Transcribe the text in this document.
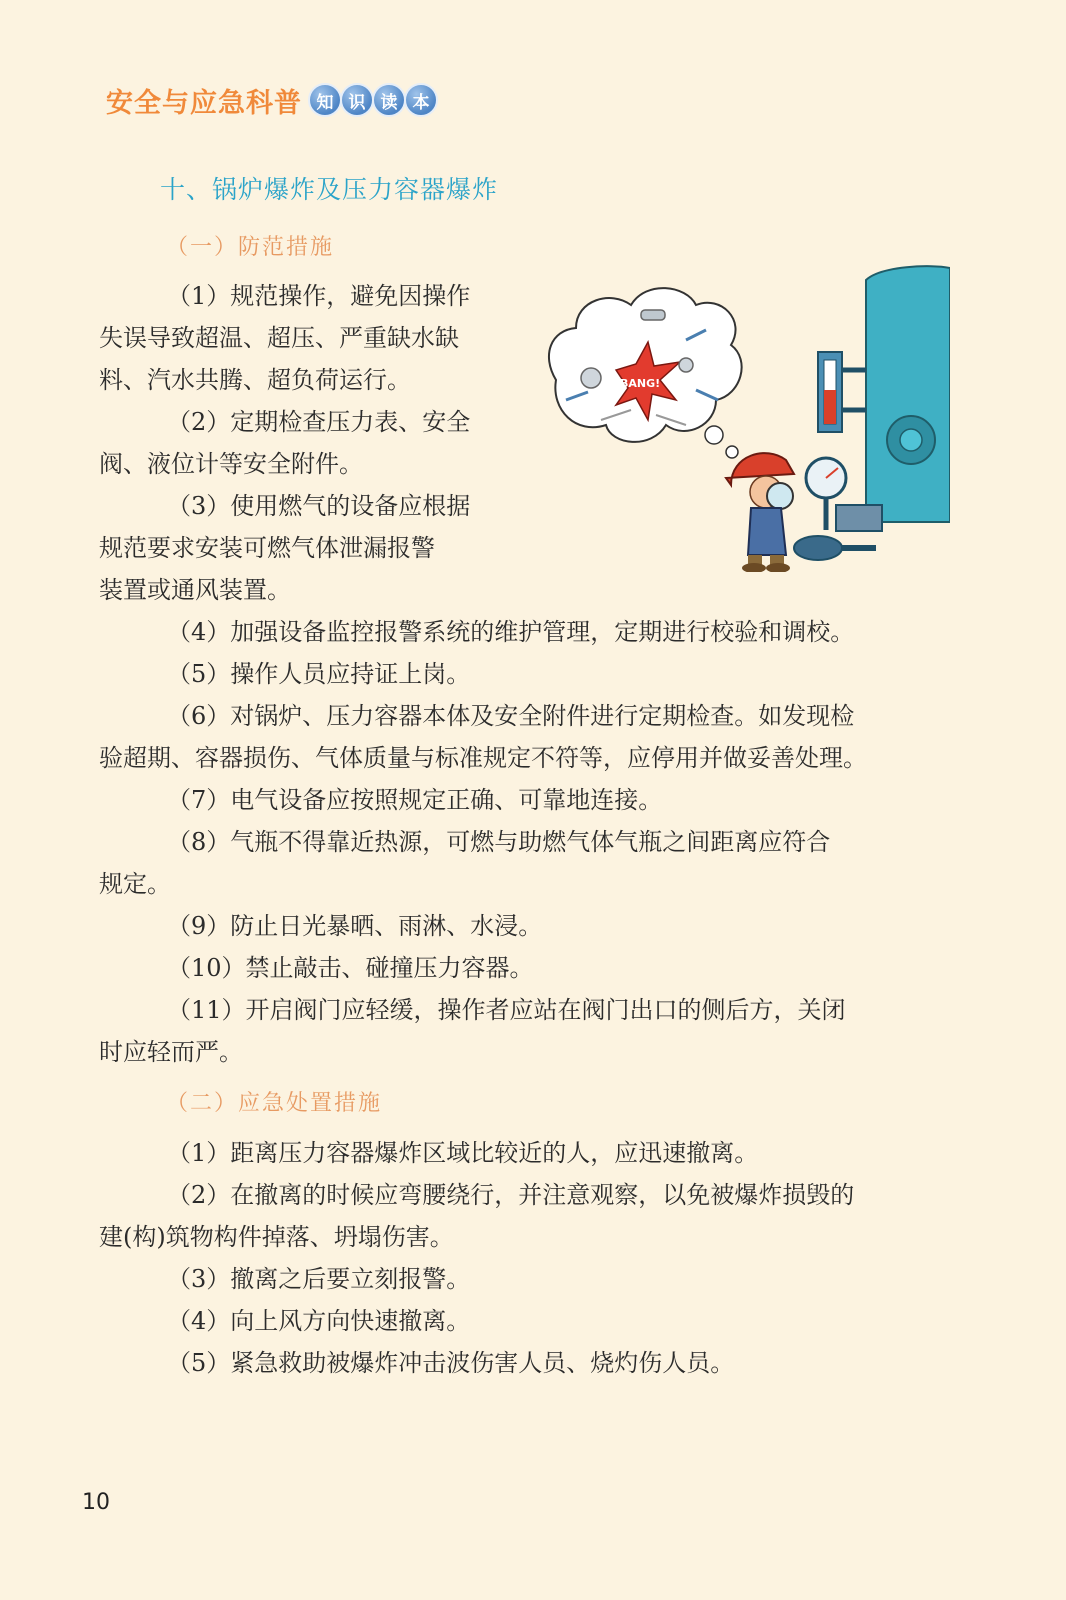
安全与应急科普 知 识 读 本
十、锅炉爆炸及压力容器爆炸
（一）防范措施
（1）规范操作，避免因操作
失误导致超温、超压、严重缺水缺
料、汽水共腾、超负荷运行。
（2）定期检查压力表、安全
阀、液位计等安全附件。
（3）使用燃气的设备应根据
规范要求安装可燃气体泄漏报警
装置或通风装置。
（4）加强设备监控报警系统的维护管理，定期进行校验和调校。
（5）操作人员应持证上岗。
（6）对锅炉、压力容器本体及安全附件进行定期检查。如发现检
验超期、容器损伤、气体质量与标准规定不符等，应停用并做妥善处理。
（7）电气设备应按照规定正确、可靠地连接。
（8）气瓶不得靠近热源，可燃与助燃气体气瓶之间距离应符合
规定。
（9）防止日光暴晒、雨淋、水浸。
（10）禁止敲击、碰撞压力容器。
（11）开启阀门应轻缓，操作者应站在阀门出口的侧后方，关闭
时应轻而严。
（二）应急处置措施
（1）距离压力容器爆炸区域比较近的人，应迅速撤离。
（2）在撤离的时候应弯腰绕行，并注意观察，以免被爆炸损毁的
建(构)筑物构件掉落、坍塌伤害。
（3）撤离之后要立刻报警。
（4）向上风方向快速撤离。
（5）紧急救助被爆炸冲击波伤害人员、烧灼伤人员。
BANG!
10
